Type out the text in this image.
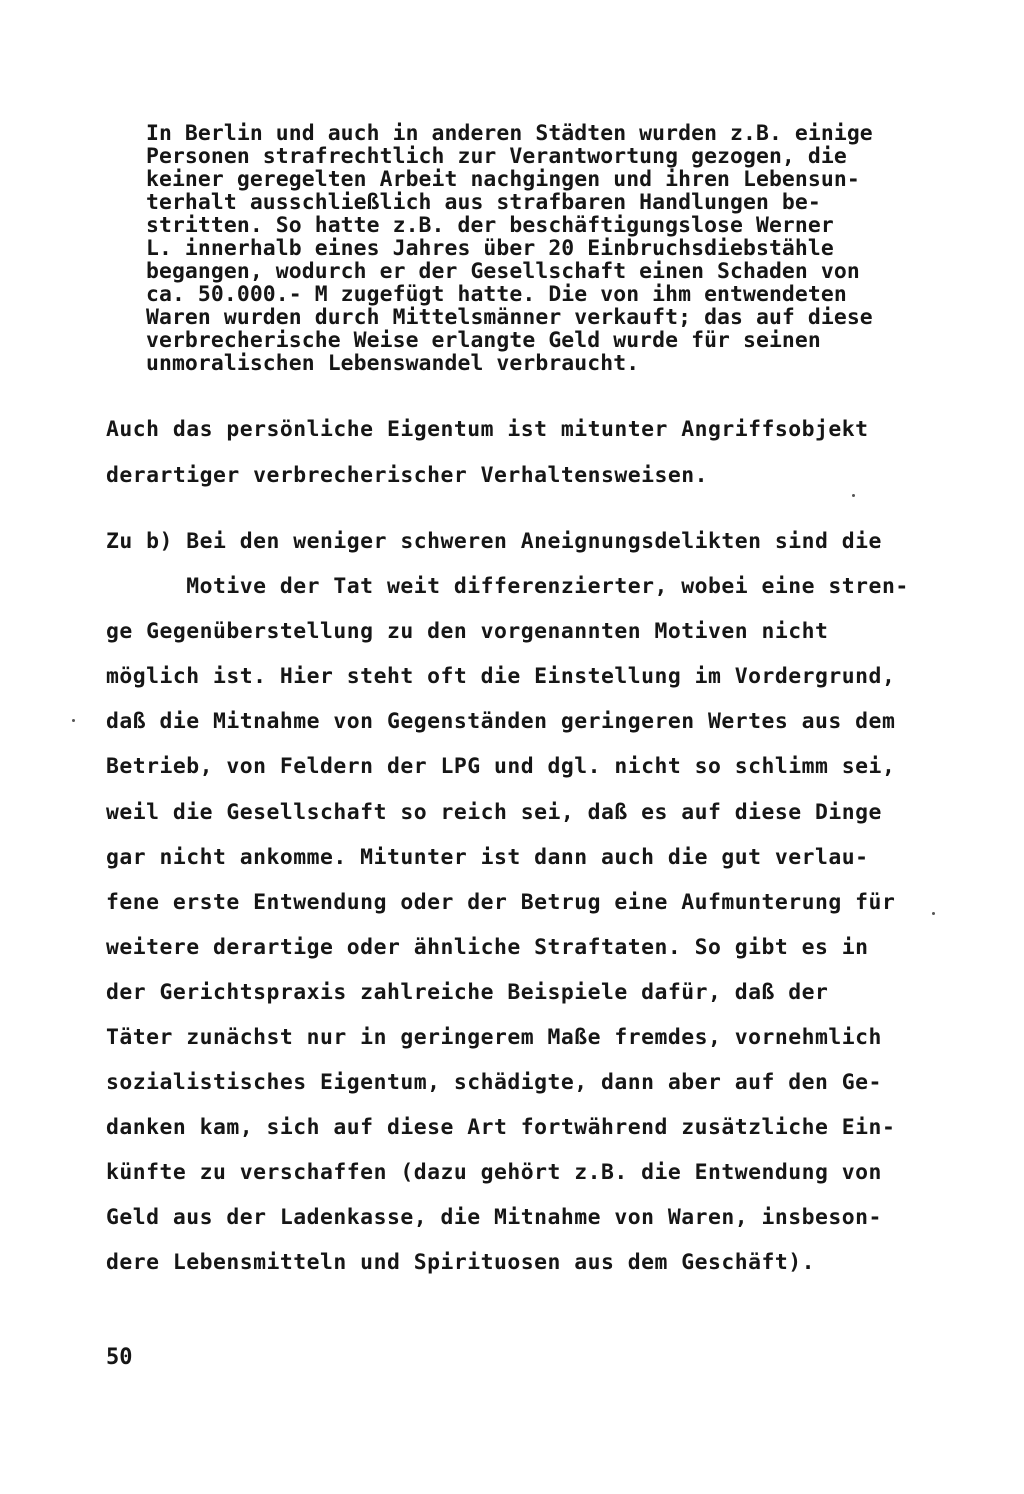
In Berlin und auch in anderen Städten wurden z.B. einige
Personen strafrechtlich zur Verantwortung gezogen, die
keiner geregelten Arbeit nachgingen und ihren Lebensun-
terhalt ausschließlich aus strafbaren Handlungen be-
stritten. So hatte z.B. der beschäftigungslose Werner
L. innerhalb eines Jahres über 20 Einbruchsdiebstähle
begangen, wodurch er der Gesellschaft einen Schaden von
ca. 50.000.- M zugefügt hatte. Die von ihm entwendeten
Waren wurden durch Mittelsmänner verkauft; das auf diese
verbrecherische Weise erlangte Geld wurde für seinen
unmoralischen Lebenswandel verbraucht.
Auch das persönliche Eigentum ist mitunter Angriffsobjekt
derartiger verbrecherischer Verhaltensweisen.
Zu b) Bei den weniger schweren Aneignungsdelikten sind die
Motive der Tat weit differenzierter, wobei eine stren-
ge Gegenüberstellung zu den vorgenannten Motiven nicht
möglich ist. Hier steht oft die Einstellung im Vordergrund,
daß die Mitnahme von Gegenständen geringeren Wertes aus dem
Betrieb, von Feldern der LPG und dgl. nicht so schlimm sei,
weil die Gesellschaft so reich sei, daß es auf diese Dinge
gar nicht ankomme. Mitunter ist dann auch die gut verlau-
fene erste Entwendung oder der Betrug eine Aufmunterung für
weitere derartige oder ähnliche Straftaten. So gibt es in
der Gerichtspraxis zahlreiche Beispiele dafür, daß der
Täter zunächst nur in geringerem Maße fremdes, vornehmlich
sozialistisches Eigentum, schädigte, dann aber auf den Ge-
danken kam, sich auf diese Art fortwährend zusätzliche Ein-
künfte zu verschaffen (dazu gehört z.B. die Entwendung von
Geld aus der Ladenkasse, die Mitnahme von Waren, insbeson-
dere Lebensmitteln und Spirituosen aus dem Geschäft).
50
